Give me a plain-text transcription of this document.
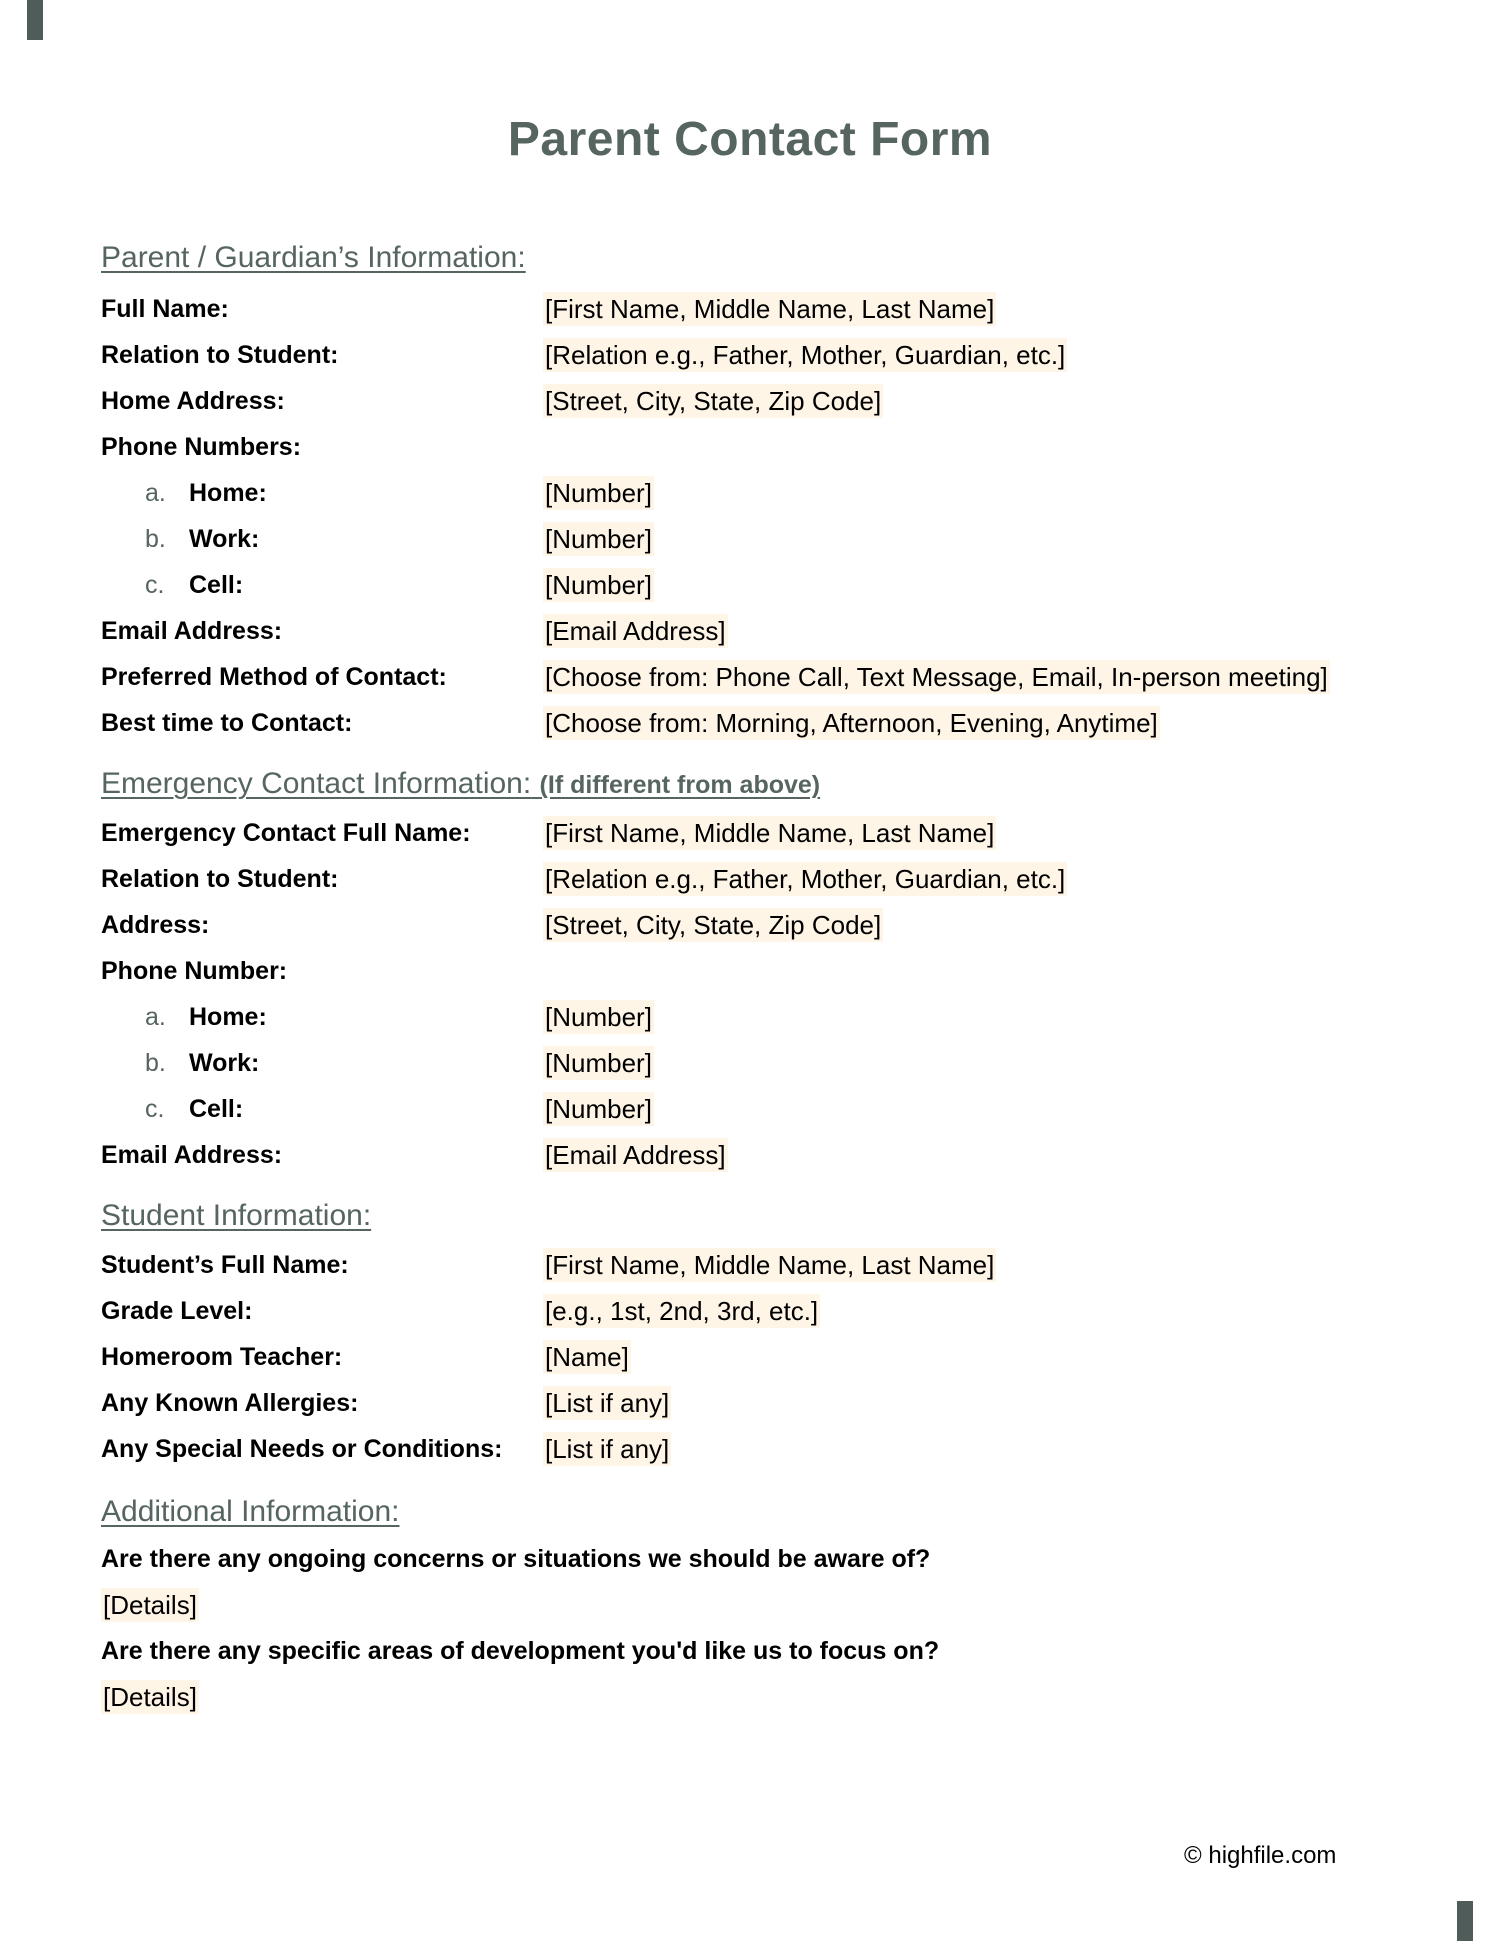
Parent Contact Form
Parent / Guardian’s Information:
Full Name:	[First Name, Middle Name, Last Name]
Relation to Student:	[Relation e.g., Father, Mother, Guardian, etc.]
Home Address:	[Street, City, State, Zip Code]
Phone Numbers:
a. Home:	[Number]
b. Work:	[Number]
c. Cell:	[Number]
Email Address:	[Email Address]
Preferred Method of Contact:	[Choose from: Phone Call, Text Message, Email, In-person meeting]
Best time to Contact:	[Choose from: Morning, Afternoon, Evening, Anytime]
Emergency Contact Information: (If different from above)
Emergency Contact Full Name:	[First Name, Middle Name, Last Name]
Relation to Student:	[Relation e.g., Father, Mother, Guardian, etc.]
Address:	[Street, City, State, Zip Code]
Phone Number:
a. Home:	[Number]
b. Work:	[Number]
c. Cell:	[Number]
Email Address:	[Email Address]
Student Information:
Student’s Full Name:	[First Name, Middle Name, Last Name]
Grade Level:	[e.g., 1st, 2nd, 3rd, etc.]
Homeroom Teacher:	[Name]
Any Known Allergies:	[List if any]
Any Special Needs or Conditions: [List if any]
Additional Information:
Are there any ongoing concerns or situations we should be aware of?
[Details]
Are there any specific areas of development you'd like us to focus on?
[Details]
© highfile.com
